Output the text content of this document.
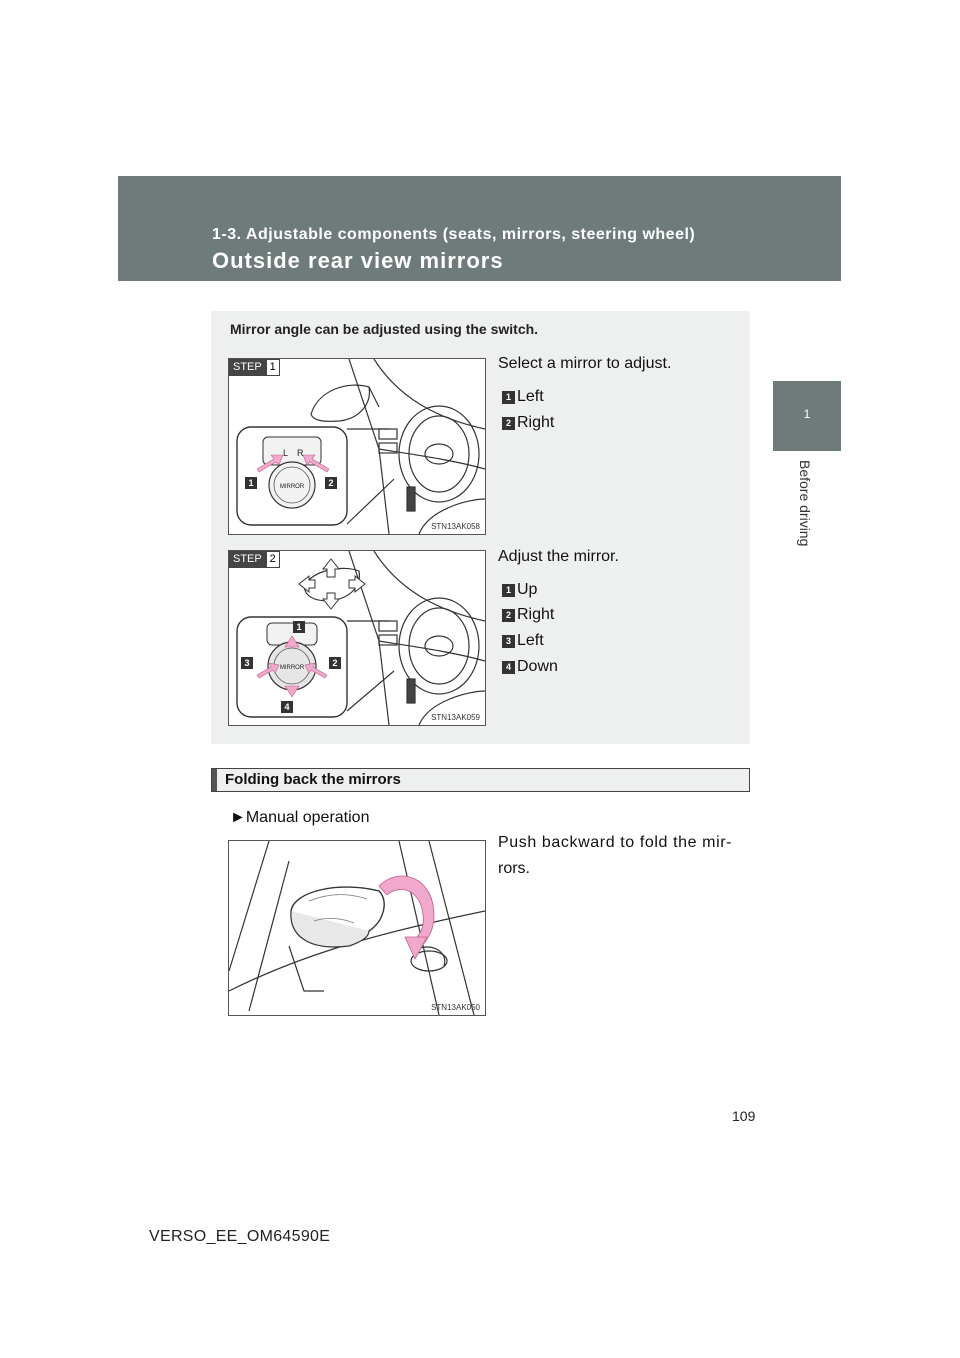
1-3. Adjustable components (seats, mirrors, steering wheel)
Outside rear view mirrors
1
Before driving
Mirror angle can be adjusted using the switch.
L R
MIRROR
1	2
STEP 1
STN13AK058
Select a mirror to adjust.
1 Left
2 Right
MIRROR
1
2
3
4
STEP 2
STN13AK059
Adjust the mirror.
1 Up
2 Right
3 Left
4 Down
Folding back the mirrors
►Manual operation
Push backward to fold the mir-
rors.
STN13AK050
109
VERSO_EE_OM64590E
